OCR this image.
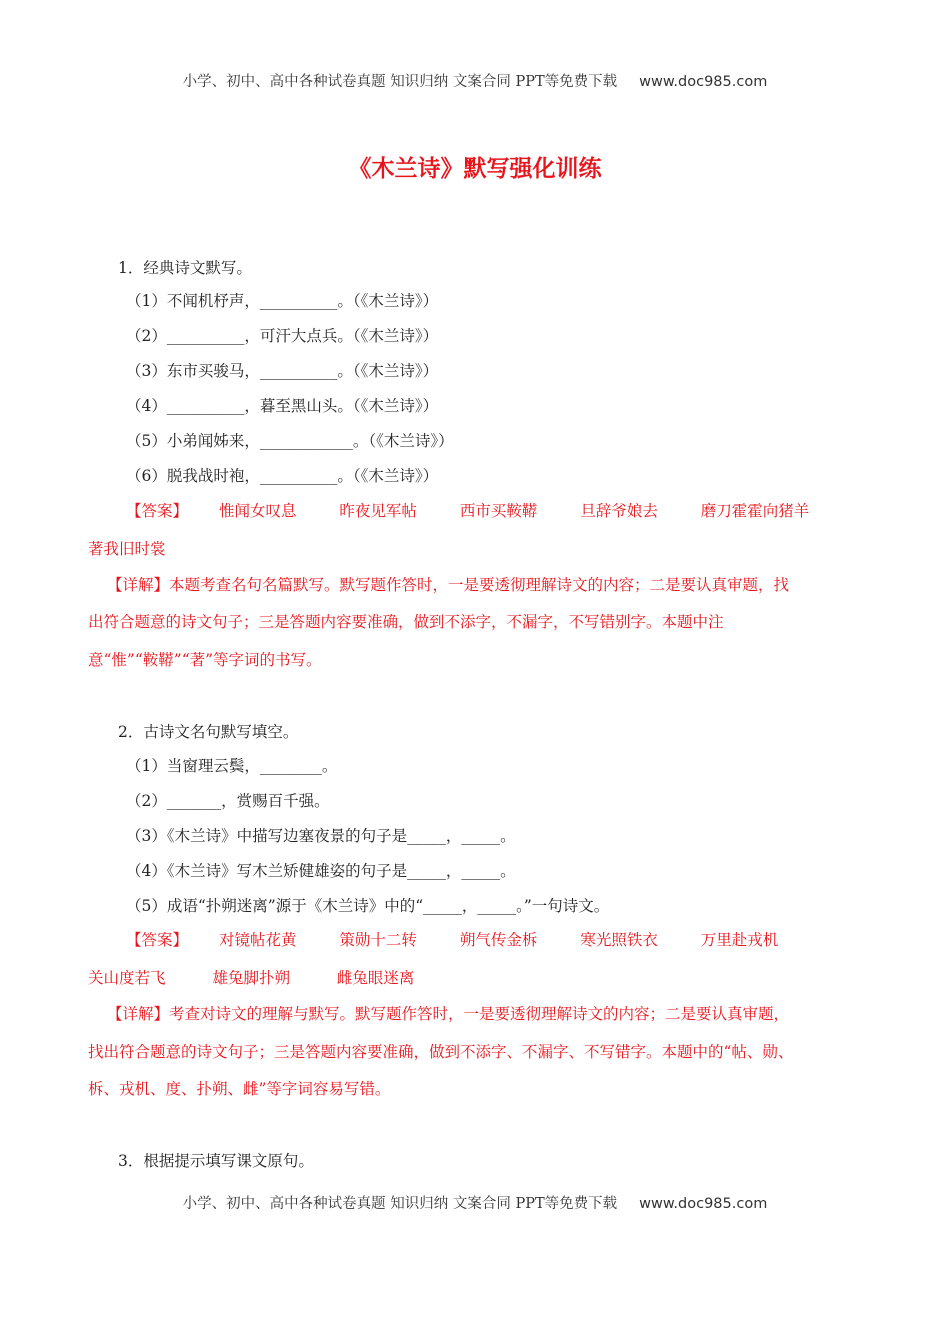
小学、初中、高中各种试卷真题 知识归纳 文案合同 PPT等免费下载 www.doc985.com
《木兰诗》默写强化训练
1．经典诗文默写。
（1）不闻机杼声，__________。（《木兰诗》）
（2）__________，可汗大点兵。（《木兰诗》）
（3）东市买骏马，__________。（《木兰诗》）
（4）__________，暮至黑山头。（《木兰诗》）
（5）小弟闻姊来，____________。（《木兰诗》）
（6）脱我战时袍，__________。（《木兰诗》）
【答案】 惟闻女叹息	昨夜见军帖	西市买鞍鞯	旦辞爷娘去	磨刀霍霍向猪羊
著我旧时裳
【详解】本题考查名句名篇默写。默写题作答时，一是要透彻理解诗文的内容；二是要认真审题，找
出符合题意的诗文句子；三是答题内容要准确，做到不添字，不漏字，不写错别字。本题中注
意“惟”“鞍鞯”“著”等字词的书写。
2．古诗文名句默写填空。
（1）当窗理云鬓，________。
（2）_______，赏赐百千强。
（3）《木兰诗》中描写边塞夜景的句子是_____，_____。
（4）《木兰诗》写木兰矫健雄姿的句子是_____，_____。
（5）成语“扑朔迷离”源于《木兰诗》中的“_____，_____。”一句诗文。
【答案】 对镜帖花黄	策勋十二转	朔气传金柝	寒光照铁衣	万里赴戎机
关山度若飞	雄兔脚扑朔	雌兔眼迷离
【详解】考查对诗文的理解与默写。默写题作答时，一是要透彻理解诗文的内容；二是要认真审题，
找出符合题意的诗文句子；三是答题内容要准确，做到不添字、不漏字、不写错字。本题中的“帖、勋、
柝、戎机、度、扑朔、雌”等字词容易写错。
3．根据提示填写课文原句。
小学、初中、高中各种试卷真题 知识归纳 文案合同 PPT等免费下载 www.doc985.com
